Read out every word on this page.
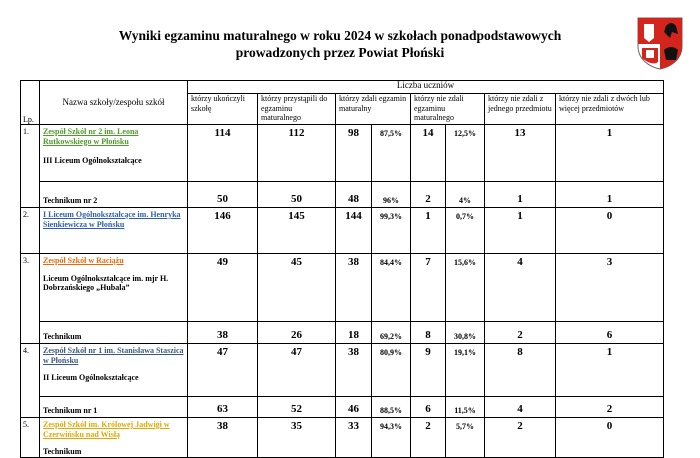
Wyniki egzaminu maturalnego w roku 2024 w szkołach ponadpodstawowych
prowadzonych przez Powiat Płoński
Lp.	Nazwa szkoły/zespołu szkół	Liczba uczniów							
		którzy ukończyli szkołę	którzy przystąpili do egzaminu maturalnego	którzy zdali egzamin maturalny		którzy nie zdali egzaminu maturalnego		którzy nie zdali z jednego przedmiotu	którzy nie zdali z dwóch lub więcej przedmiotów
1.	Zespół Szkół nr 2 im. Leona Rutkowskiego w Płońsku
III Liceum Ogólnokształcące	114	112	98	87,5%	14	12,5%	13	1
	Technikum nr 2	50	50	48	96%	2	4%	1	1
2.	I Liceum Ogólnokształcące im. Henryka Sienkiewicza w Płońsku	146	145	144	99,3%	1	0,7%	1	0
3.	Zespół Szkół w Raciążu
Liceum Ogólnokształcące im. mjr H. Dobrzańskiego „Hubala”	49	45	38	84,4%	7	15,6%	4	3
	Technikum	38	26	18	69,2%	8	30,8%	2	6
4.	Zespół Szkół nr 1 im. Stanisława Staszica w Płońsku
II Liceum Ogólnokształcące	47	47	38	80,9%	9	19,1%	8	1
	Technikum nr 1	63	52	46	88,5%	6	11,5%	4	2
5.	Zespół Szkół im. Królowej Jadwigi w Czerwińsku nad Wisłą
Technikum	38	35	33	94,3%	2	5,7%	2	0
